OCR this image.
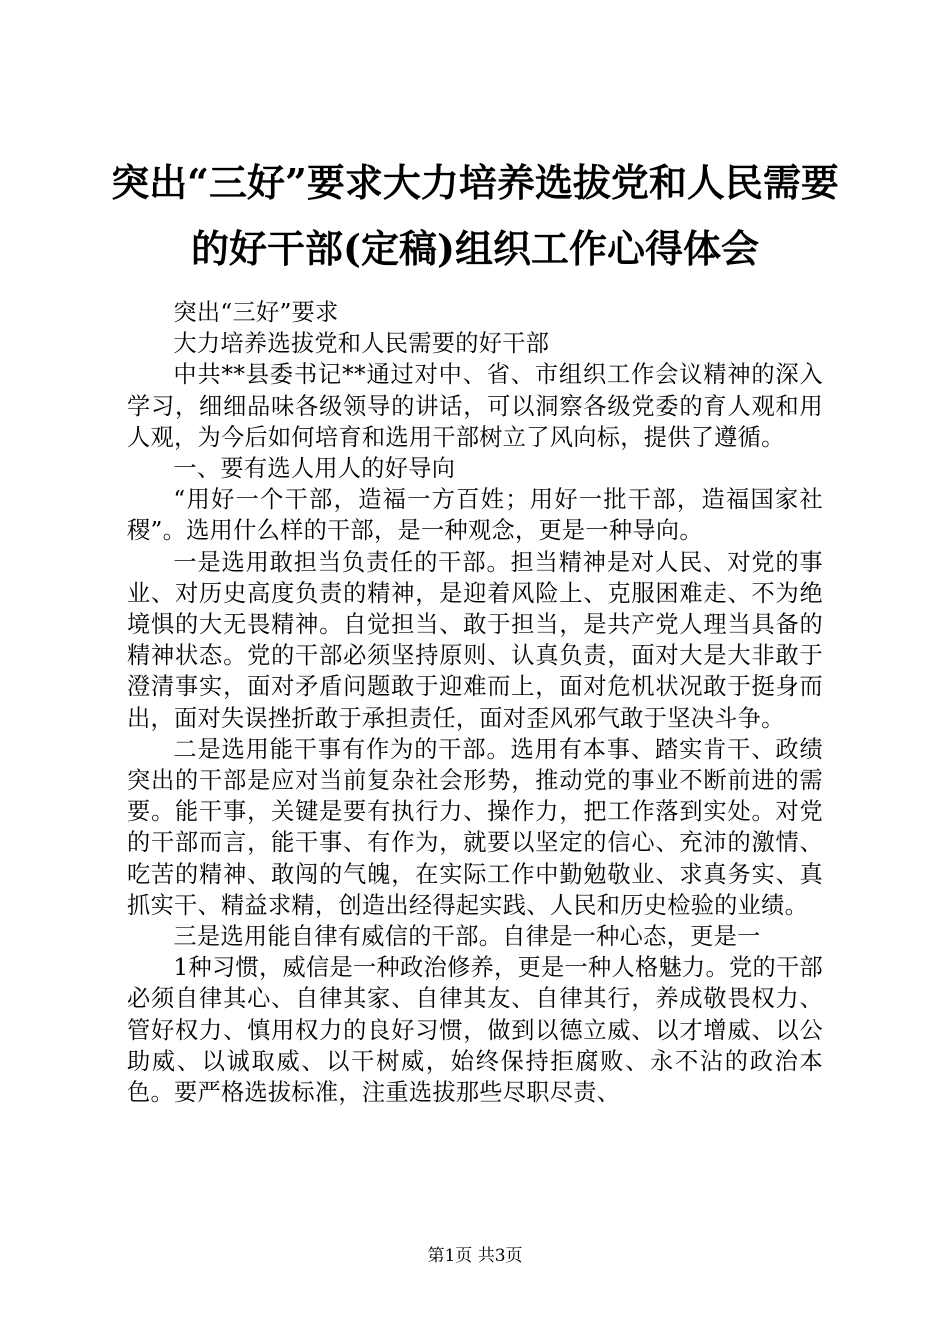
突出“三好”要求大力培养选拔党和人民需要
的好干部(定稿)组织工作心得体会

突出“三好”要求

大力培养选拔党和人民需要的好干部

中共**县委书记**通过对中、省、市组织工作会议精神的深入学习，细细品味各级领导的讲话，可以洞察各级党委的育人观和用人观，为今后如何培育和选用干部树立了风向标，提供了遵循。

一、要有选人用人的好导向

“用好一个干部，造福一方百姓；用好一批干部，造福国家社稷”。选用什么样的干部，是一种观念，更是一种导向。

一是选用敢担当负责任的干部。担当精神是对人民、对党的事业、对历史高度负责的精神，是迎着风险上、克服困难走、不为绝境惧的大无畏精神。自觉担当、敢于担当，是共产党人理当具备的精神状态。党的干部必须坚持原则、认真负责，面对大是大非敢于澄清事实，面对矛盾问题敢于迎难而上，面对危机状况敢于挺身而出，面对失误挫折敢于承担责任，面对歪风邪气敢于坚决斗争。

二是选用能干事有作为的干部。选用有本事、踏实肯干、政绩突出的干部是应对当前复杂社会形势，推动党的事业不断前进的需要。能干事，关键是要有执行力、操作力，把工作落到实处。对党的干部而言，能干事、有作为，就要以坚定的信心、充沛的激情、吃苦的精神、敢闯的气魄，在实际工作中勤勉敬业、求真务实、真抓实干、精益求精，创造出经得起实践、人民和历史检验的业绩。

三是选用能自律有威信的干部。自律是一种心态，更是一

1种习惯，威信是一种政治修养，更是一种人格魅力。党的干部必须自律其心、自律其家、自律其友、自律其行，养成敬畏权力、管好权力、慎用权力的良好习惯，做到以德立威、以才增威、以公助威、以诚取威、以干树威，始终保持拒腐败、永不沾的政治本色。要严格选拔标准，注重选拔那些尽职尽责、

第1页 共3页
